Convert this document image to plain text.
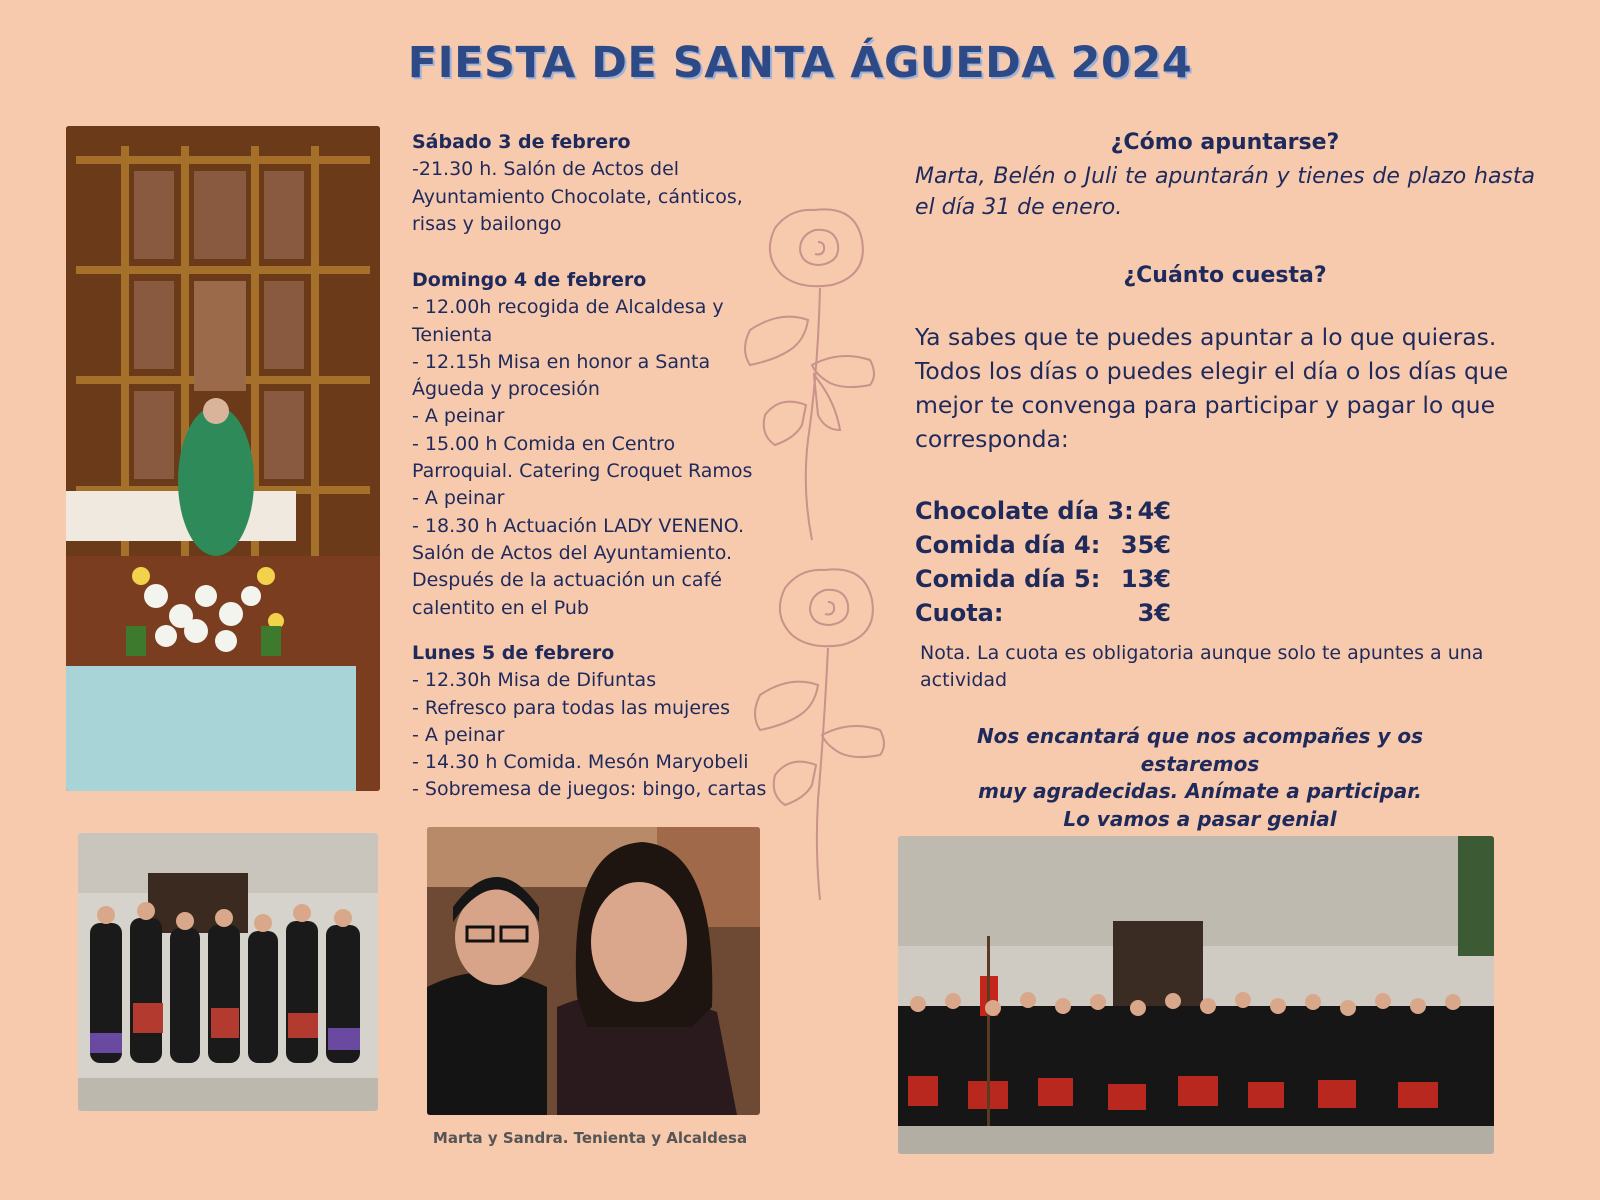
FIESTA DE SANTA ÁGUEDA 2024
Marta y Sandra. Tenienta y Alcaldesa
Sábado 3 de febrero
-21.30 h. Salón de Actos del Ayuntamiento Chocolate, cánticos, risas y bailongo
Domingo 4 de febrero
- 12.00h recogida de Alcaldesa y Tenienta
- 12.15h Misa en honor a Santa Águeda y procesión
- A peinar
- 15.00 h Comida en Centro Parroquial. Catering Croquet Ramos
- A peinar
- 18.30 h Actuación LADY VENENO. Salón de Actos del Ayuntamiento. Después de la actuación un café calentito en el Pub
Lunes 5 de febrero
- 12.30h Misa de Difuntas
- Refresco para todas las mujeres
- A peinar
- 14.30 h Comida. Mesón Maryobeli
- Sobremesa de juegos: bingo, cartas
¿Cómo apuntarse?
Marta, Belén o Juli te apuntarán y tienes de plazo hasta el día 31 de enero.
¿Cuánto cuesta?
Ya sabes que te puedes apuntar a lo que quieras. Todos los días o puedes elegir el día o los días que mejor te convenga para participar y pagar lo que corresponda:
Chocolate día 3: 4€
Comida día 4: 35€
Comida día 5: 13€
Cuota:	3€
Nota. La cuota es obligatoria aunque solo te apuntes a una actividad
Nos encantará que nos acompañes y os estaremos
muy agradecidas. Anímate a participar.
Lo vamos a pasar genial
